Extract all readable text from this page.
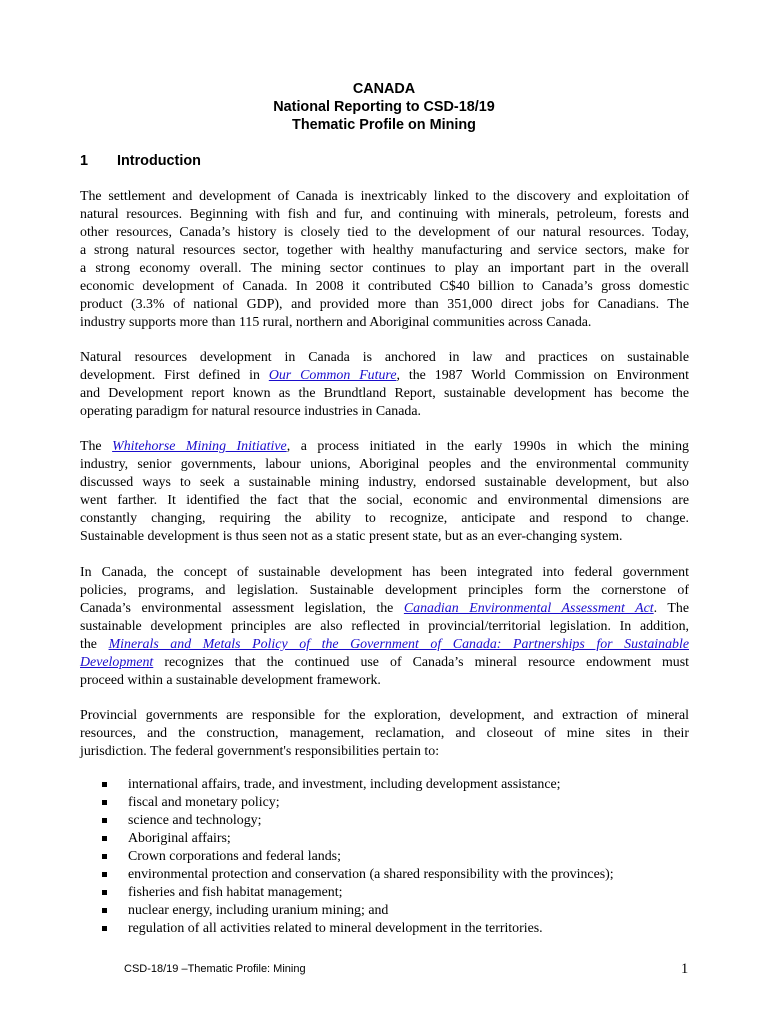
CANADA
National Reporting to CSD-18/19
Thematic Profile on Mining
1 Introduction
The settlement and development of Canada is inextricably linked to the discovery and exploitation of
natural resources. Beginning with fish and fur, and continuing with minerals, petroleum, forests and
other resources, Canada’s history is closely tied to the development of our natural resources. Today,
a strong natural resources sector, together with healthy manufacturing and service sectors, make for
a strong economy overall. The mining sector continues to play an important part in the overall
economic development of Canada. In 2008 it contributed C$40 billion to Canada’s gross domestic
product (3.3% of national GDP), and provided more than 351,000 direct jobs for Canadians. The
industry supports more than 115 rural, northern and Aboriginal communities across Canada.
Natural resources development in Canada is anchored in law and practices on sustainable
development. First defined in Our Common Future, the 1987 World Commission on Environment
and Development report known as the Brundtland Report, sustainable development has become the
operating paradigm for natural resource industries in Canada.
The Whitehorse Mining Initiative, a process initiated in the early 1990s in which the mining
industry, senior governments, labour unions, Aboriginal peoples and the environmental community
discussed ways to seek a sustainable mining industry, endorsed sustainable development, but also
went farther. It identified the fact that the social, economic and environmental dimensions are
constantly changing, requiring the ability to recognize, anticipate and respond to change.
Sustainable development is thus seen not as a static present state, but as an ever-changing system.
In Canada, the concept of sustainable development has been integrated into federal government
policies, programs, and legislation. Sustainable development principles form the cornerstone of
Canada’s environmental assessment legislation, the Canadian Environmental Assessment Act. The
sustainable development principles are also reflected in provincial/territorial legislation. In addition,
the Minerals and Metals Policy of the Government of Canada: Partnerships for Sustainable
Development recognizes that the continued use of Canada’s mineral resource endowment must
proceed within a sustainable development framework.
Provincial governments are responsible for the exploration, development, and extraction of mineral
resources, and the construction, management, reclamation, and closeout of mine sites in their
jurisdiction. The federal government's responsibilities pertain to:
international affairs, trade, and investment, including development assistance;
fiscal and monetary policy;
science and technology;
Aboriginal affairs;
Crown corporations and federal lands;
environmental protection and conservation (a shared responsibility with the provinces);
fisheries and fish habitat management;
nuclear energy, including uranium mining; and
regulation of all activities related to mineral development in the territories.
CSD-18/19 –Thematic Profile: Mining	1
